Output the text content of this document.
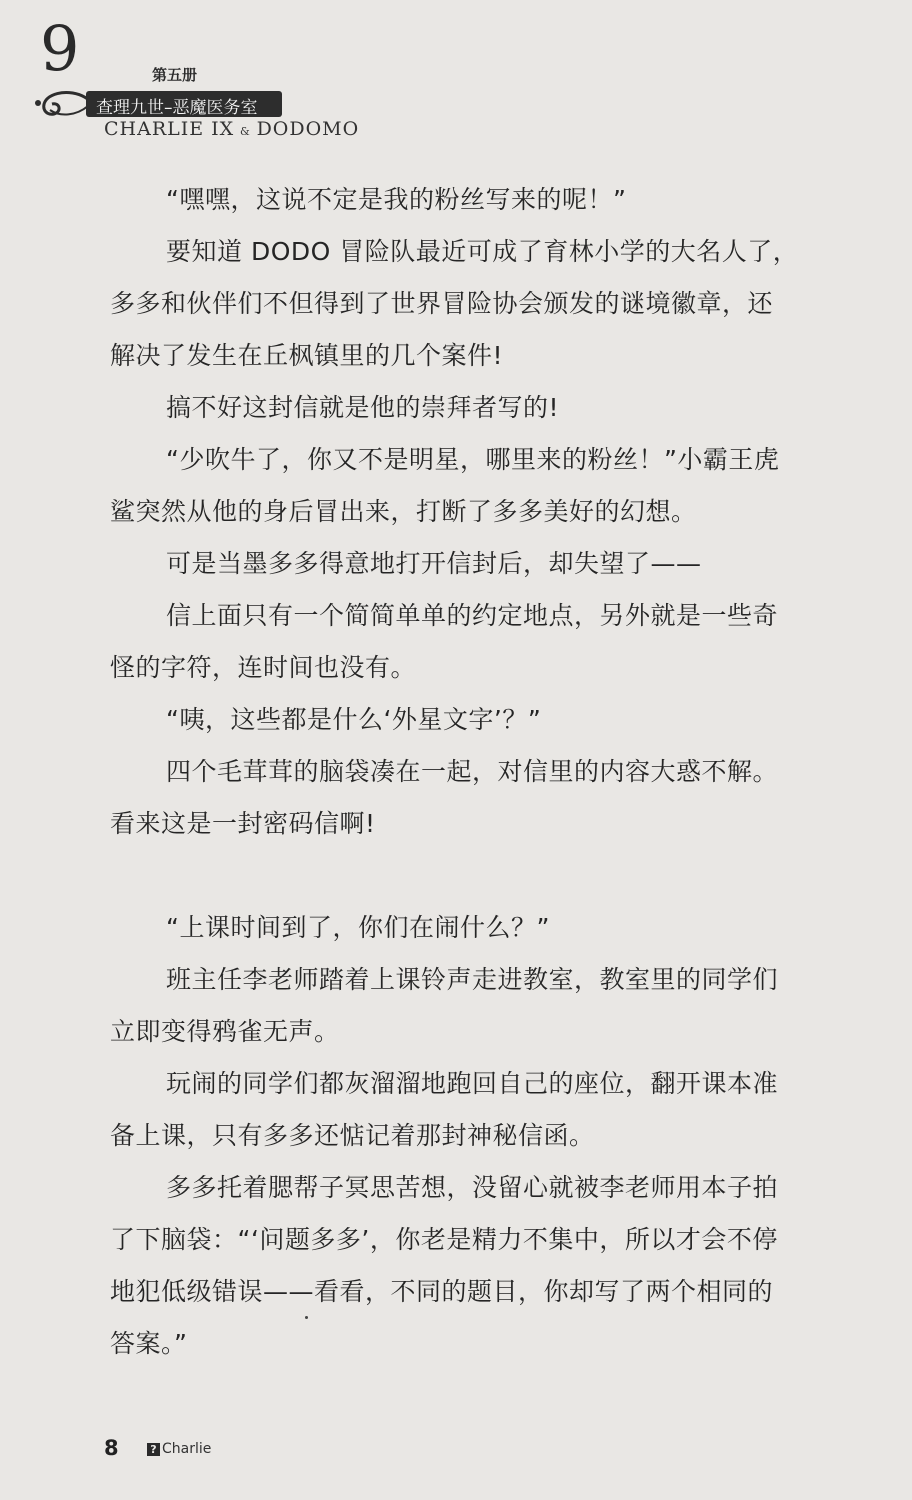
9	第五册
查理九世–恶魔医务室
CHARLIE IX & DODOMO
“嘿嘿，这说不定是我的粉丝写来的呢！”
要知道 DODO 冒险队最近可成了育林小学的大名人了，
多多和伙伴们不但得到了世界冒险协会颁发的谜境徽章，还
解决了发生在丘枫镇里的几个案件!
搞不好这封信就是他的崇拜者写的!
“少吹牛了，你又不是明星，哪里来的粉丝！”小霸王虎
鲨突然从他的身后冒出来，打断了多多美好的幻想。
可是当墨多多得意地打开信封后，却失望了——
信上面只有一个简简单单的约定地点，另外就是一些奇
怪的字符，连时间也没有。
“咦，这些都是什么‘外星文字’？”
四个毛茸茸的脑袋凑在一起，对信里的内容大惑不解。
看来这是一封密码信啊!
“上课时间到了，你们在闹什么？”
班主任李老师踏着上课铃声走进教室，教室里的同学们
立即变得鸦雀无声。
玩闹的同学们都灰溜溜地跑回自己的座位，翻开课本准
备上课，只有多多还惦记着那封神秘信函。
多多托着腮帮子冥思苦想，没留心就被李老师用本子拍
了下脑袋：“‘问题多多’，你老是精力不集中，所以才会不停
地犯低级错误——看看，不同的题目，你却写了两个相同的
答案。”
8	? Charlie
